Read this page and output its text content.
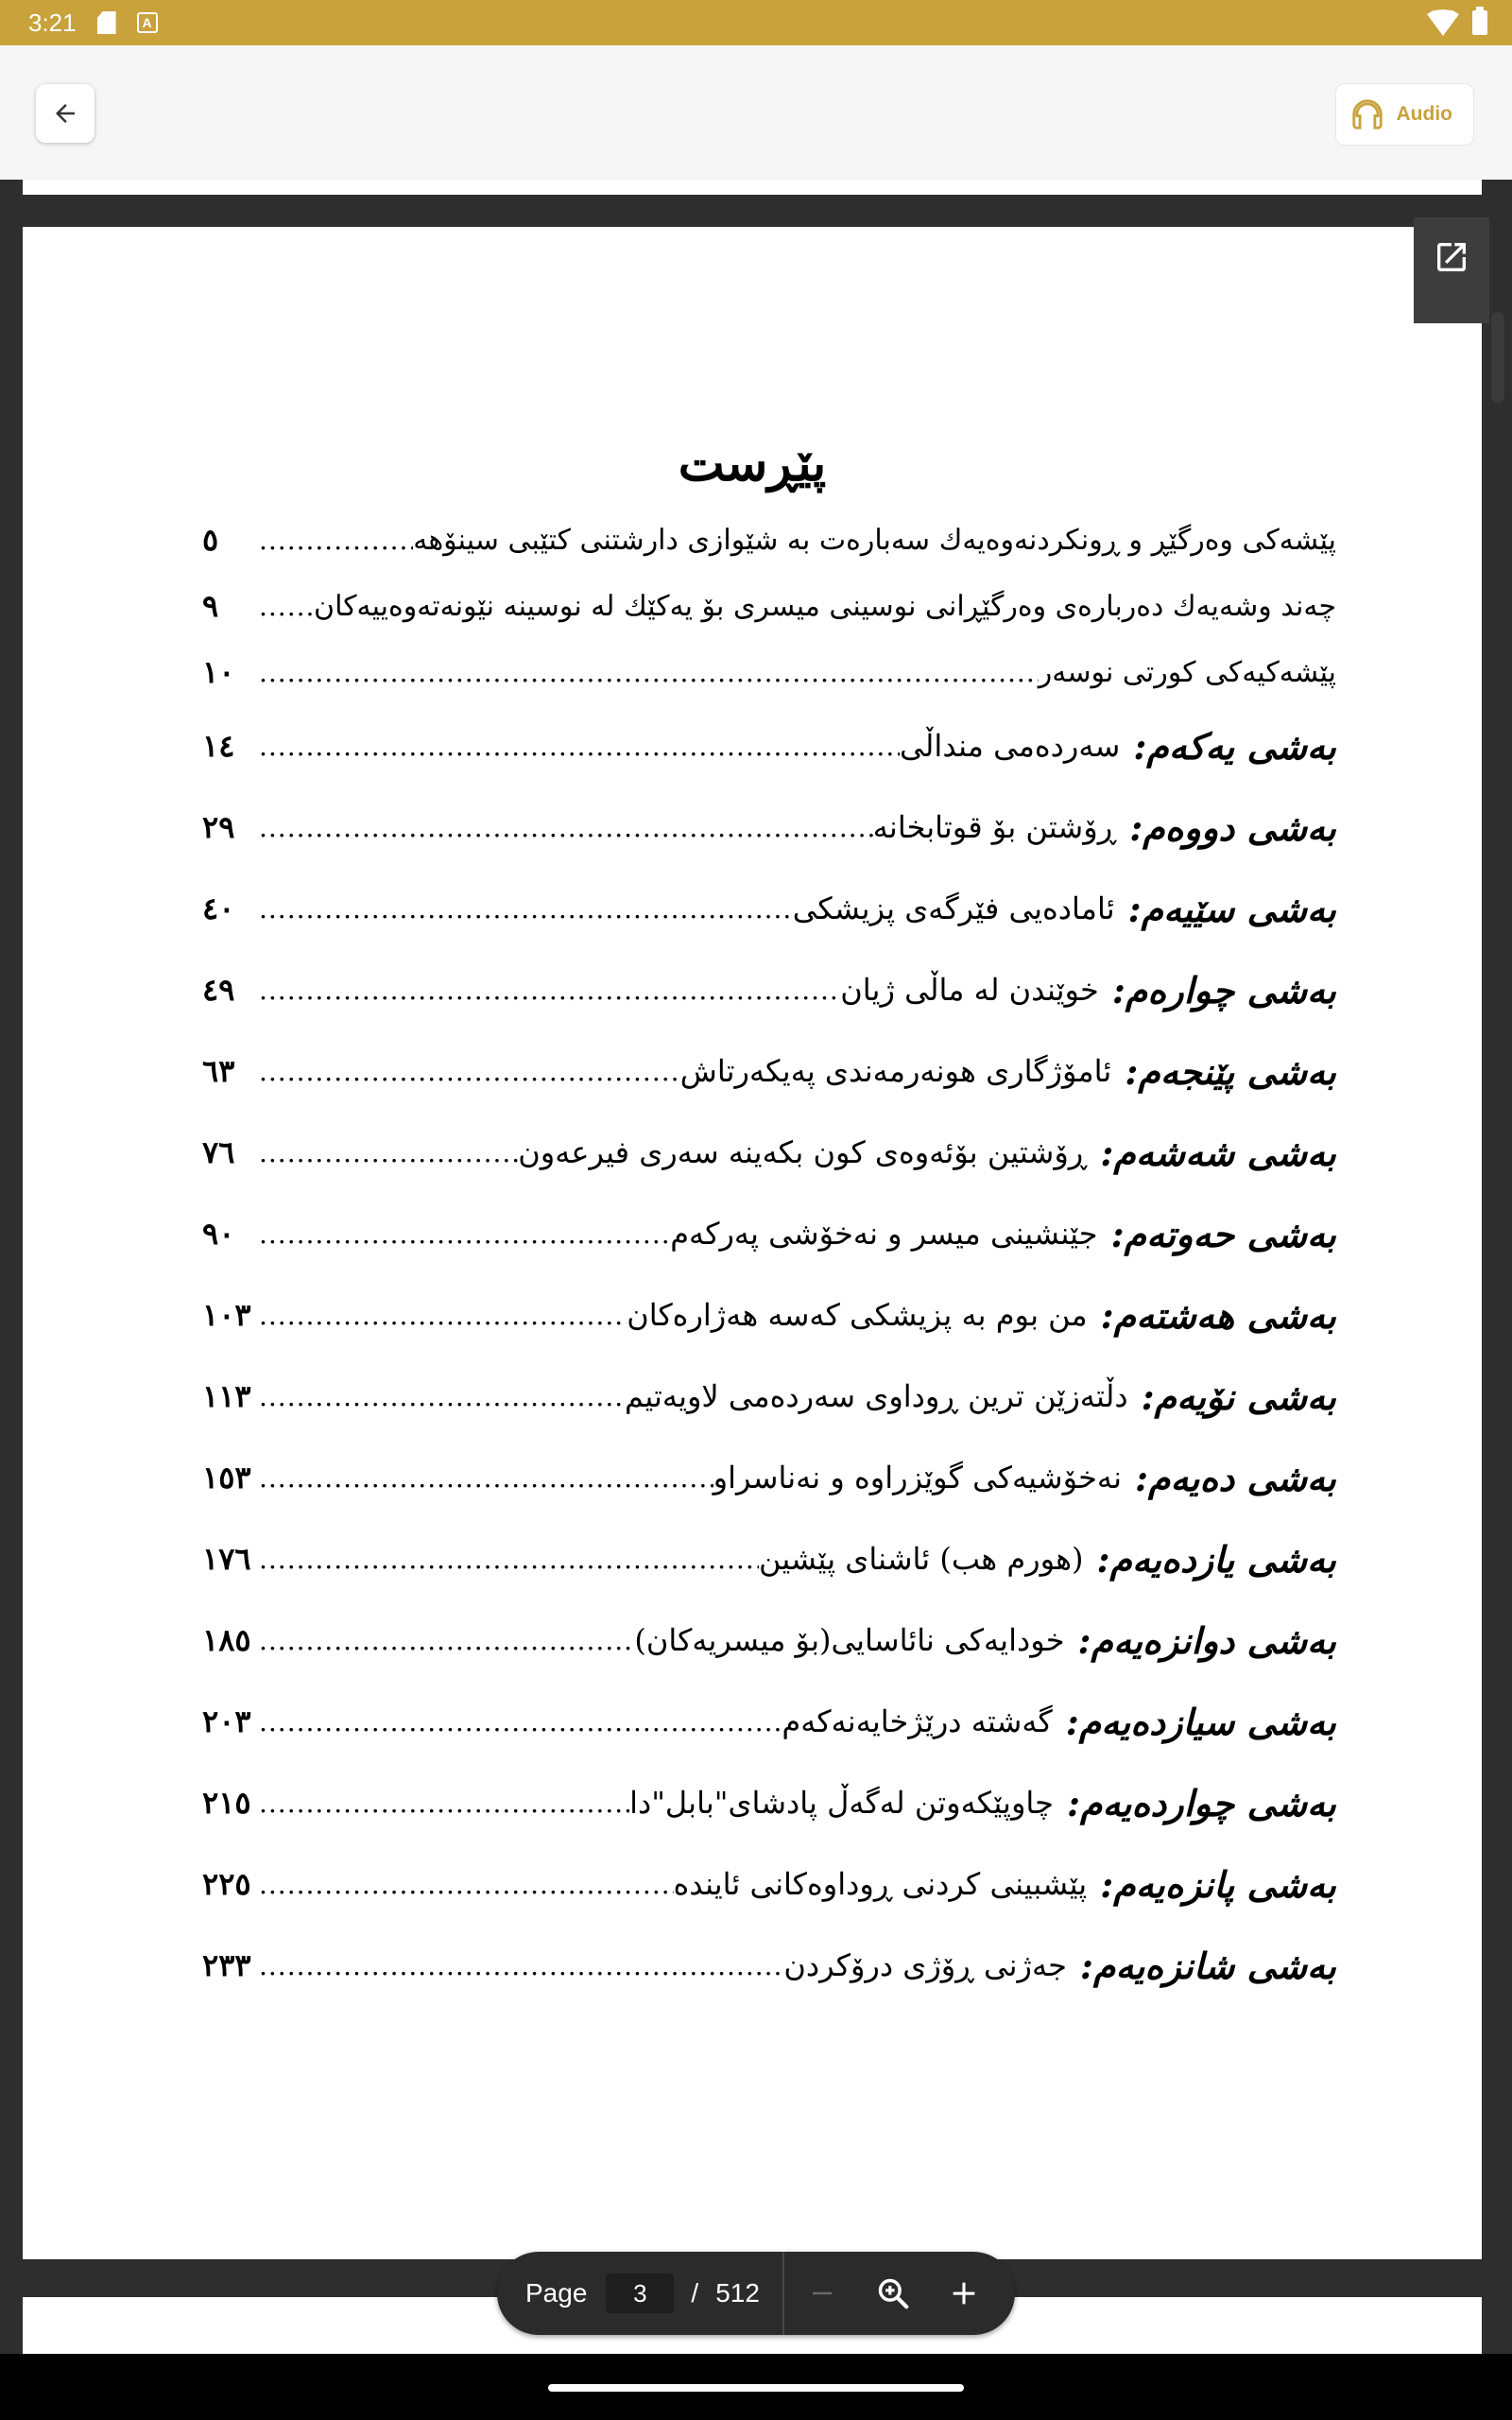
3:21	A
Audio
پێڕست
پێشەکی وەرگێڕ و ڕونکردنەوەیەك سەبارەت بە شێوازی دارشتنی کتێبی سینۆهە
.....
٥
چەند وشەیەك دەربارەی وەرگێڕانی نوسینی میسری بۆ یەکێك لە نوسینە نێونەتەوەییەکان
.....
٩
پێشەکیەکی کورتی نوسەر
.....
١٠
بەشی یەکەم:
سەردەمی منداڵی
.....
١٤
بەشی دووەم:
ڕۆشتن بۆ قوتابخانە
.....
٢٩
بەشی سێیەم:
ئامادەیی فێرگەی پزیشکی
.....
٤٠
بەشی چوارەم:
خوێندن لە ماڵی ژیان
.....
٤٩
بەشی پێنجەم:
ئامۆژگاری هونەرمەندی پەیکەرتاش
.....
٦٣
بەشی شەشەم:
ڕۆشتین بۆئەوەی کون بکەینە سەری فیرعەون
.....
٧٦
بەشی حەوتەم:
جێنشینی میسر و نەخۆشی پەرکەم
.....
٩٠
بەشی هەشتەم:
من بوم بە پزیشکی کەسە هەژارەکان
.....
١٠٣
بەشی نۆیەم:
دڵتەزێن ترین ڕوداوی سەردەمی لاویەتیم
.....
١١٣
بەشی دەیەم:
نەخۆشیەکی گوێزراوە و نەناسراو
.....
١٥٣
بەشی یازدەیەم:
(هورم هب) ئاشنای پێشین
.....
١٧٦
بەشی دوانزەیەم:
خودایەکی نائاسایی(بۆ میسریەکان)
.....
١٨٥
بەشی سیازدەیەم:
گەشتە درێژخایەنەکەم
.....
٢٠٣
بەشی چواردەیەم:
چاوپێکەوتن لەگەڵ پادشای"بابل"دا
.....
٢١٥
بەشی پانزەیەم:
پێشبینی کردنی ڕوداوەکانی ئاینده
.....
٢٢٥
بەشی شانزەیەم:
جەژنی ڕۆژی درۆکردن
.....
٢٣٣
Page
3	/ 512
